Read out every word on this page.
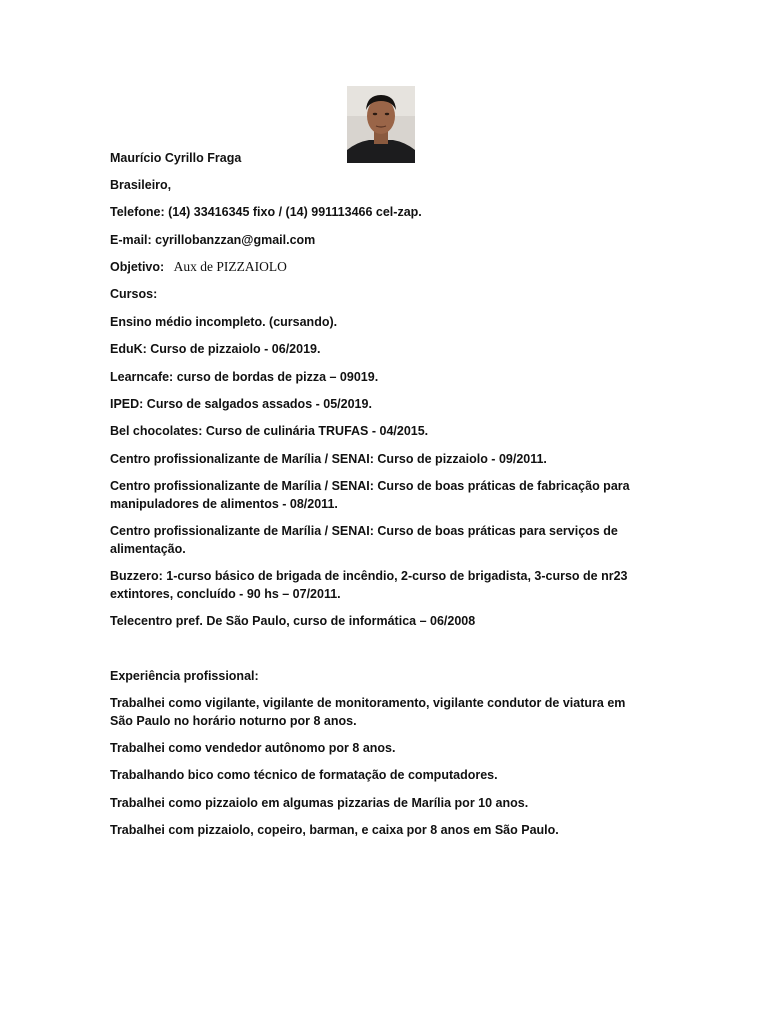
Maurício Cyrillo Fraga
Brasileiro,
Telefone: (14) 33416345 fixo / (14) 991113466 cel-zap.
E-mail: cyrillobanzzan@gmail.com
Objetivo: Aux de PIZZAIOLO
Cursos:
Ensino médio incompleto. (cursando).
EduK: Curso de pizzaiolo - 06/2019.
Learncafe: curso de bordas de pizza – 09019.
IPED: Curso de salgados assados - 05/2019.
Bel chocolates: Curso de culinária TRUFAS - 04/2015.
Centro profissionalizante de Marília / SENAI: Curso de pizzaiolo - 09/2011.
Centro profissionalizante de Marília / SENAI: Curso de boas práticas de fabricação para manipuladores de alimentos - 08/2011.
Centro profissionalizante de Marília / SENAI: Curso de boas práticas para serviços de alimentação.
Buzzero: 1-curso básico de brigada de incêndio, 2-curso de brigadista, 3-curso de nr23 extintores, concluído - 90 hs – 07/2011.
Telecentro pref. De São Paulo, curso de informática – 06/2008
Experiência profissional:
Trabalhei como vigilante, vigilante de monitoramento, vigilante condutor de viatura em São Paulo no horário noturno por 8 anos.
Trabalhei como vendedor autônomo por 8 anos.
Trabalhando bico como técnico de formatação de computadores.
Trabalhei como pizzaiolo em algumas pizzarias de Marília por 10 anos.
Trabalhei com pizzaiolo, copeiro, barman, e caixa por 8 anos em São Paulo.
